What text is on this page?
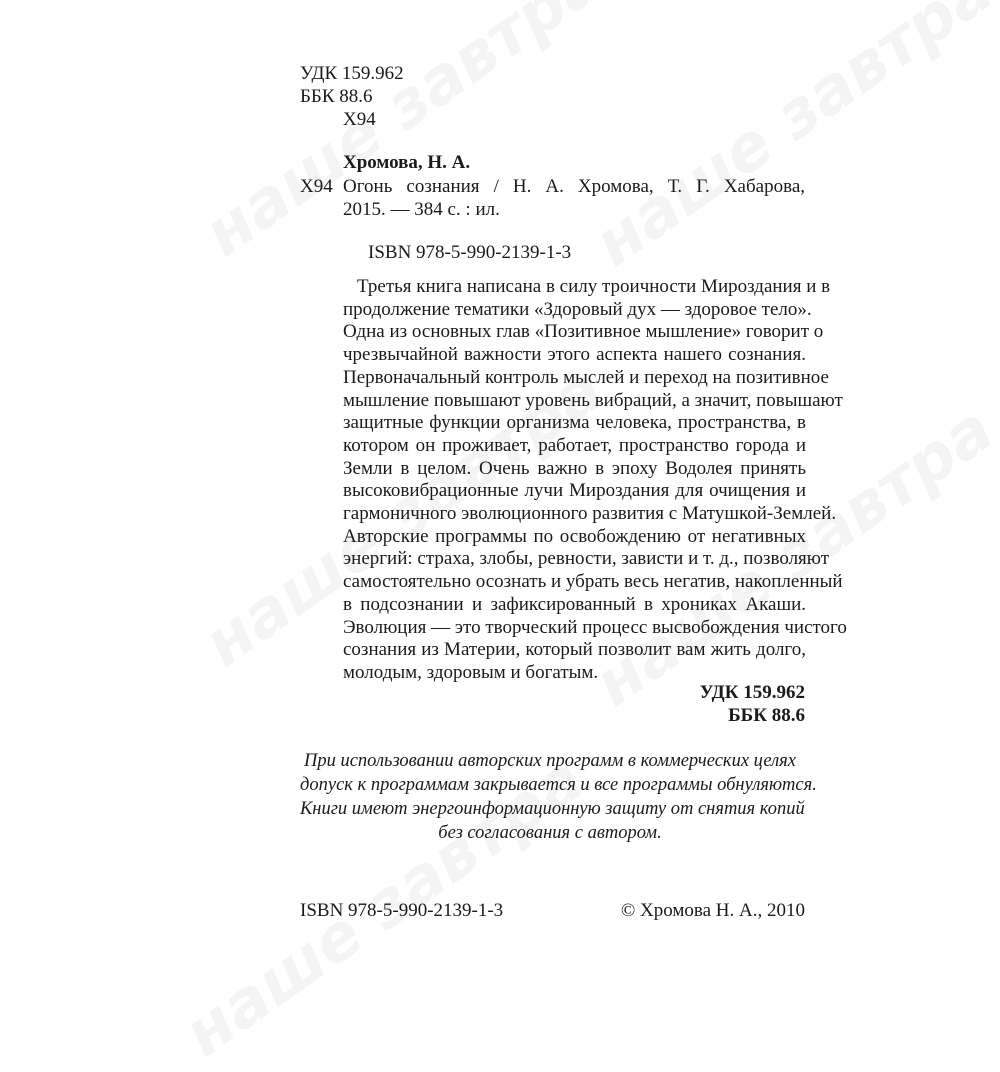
УДК 159.962
ББК 88.6
Х94
Хромова, Н. А.
Х94 Огонь сознания / Н. А. Хромова, Т. Г. Хабарова,
2015. — 384 с. : ил.
ISBN 978-5-990-2139-1-3
Третья книга написана в силу троичности Мироздания и в
продолжение тематики «Здоровый дух — здоровое тело».
Одна из основных глав «Позитивное мышление» говорит о
чрезвычайной важности этого аспекта нашего сознания.
Первоначальный контроль мыслей и переход на позитивное
мышление повышают уровень вибраций, а значит, повышают
защитные функции организма человека, пространства, в
котором он проживает, работает, пространство города и
Земли в целом. Очень важно в эпоху Водолея принять
высоковибрационные лучи Мироздания для очищения и
гармоничного эволюционного развития с Матушкой-Землей.
Авторские программы по освобождению от негативных
энергий: страха, злобы, ревности, зависти и т. д., позволяют
самостоятельно осознать и убрать весь негатив, накопленный
в подсознании и зафиксированный в хрониках Акаши.
Эволюция — это творческий процесс высвобождения чистого
сознания из Материи, который позволит вам жить долго,
молодым, здоровым и богатым.
УДК 159.962
ББК 88.6
При использовании авторских программ в коммерческих целях
допуск к программам закрывается и все программы обнуляются.
Книги имеют энергоинформационную защиту от снятия копий
без согласования с автором.
ISBN 978-5-990-2139-1-3	© Хромова Н. А., 2010
